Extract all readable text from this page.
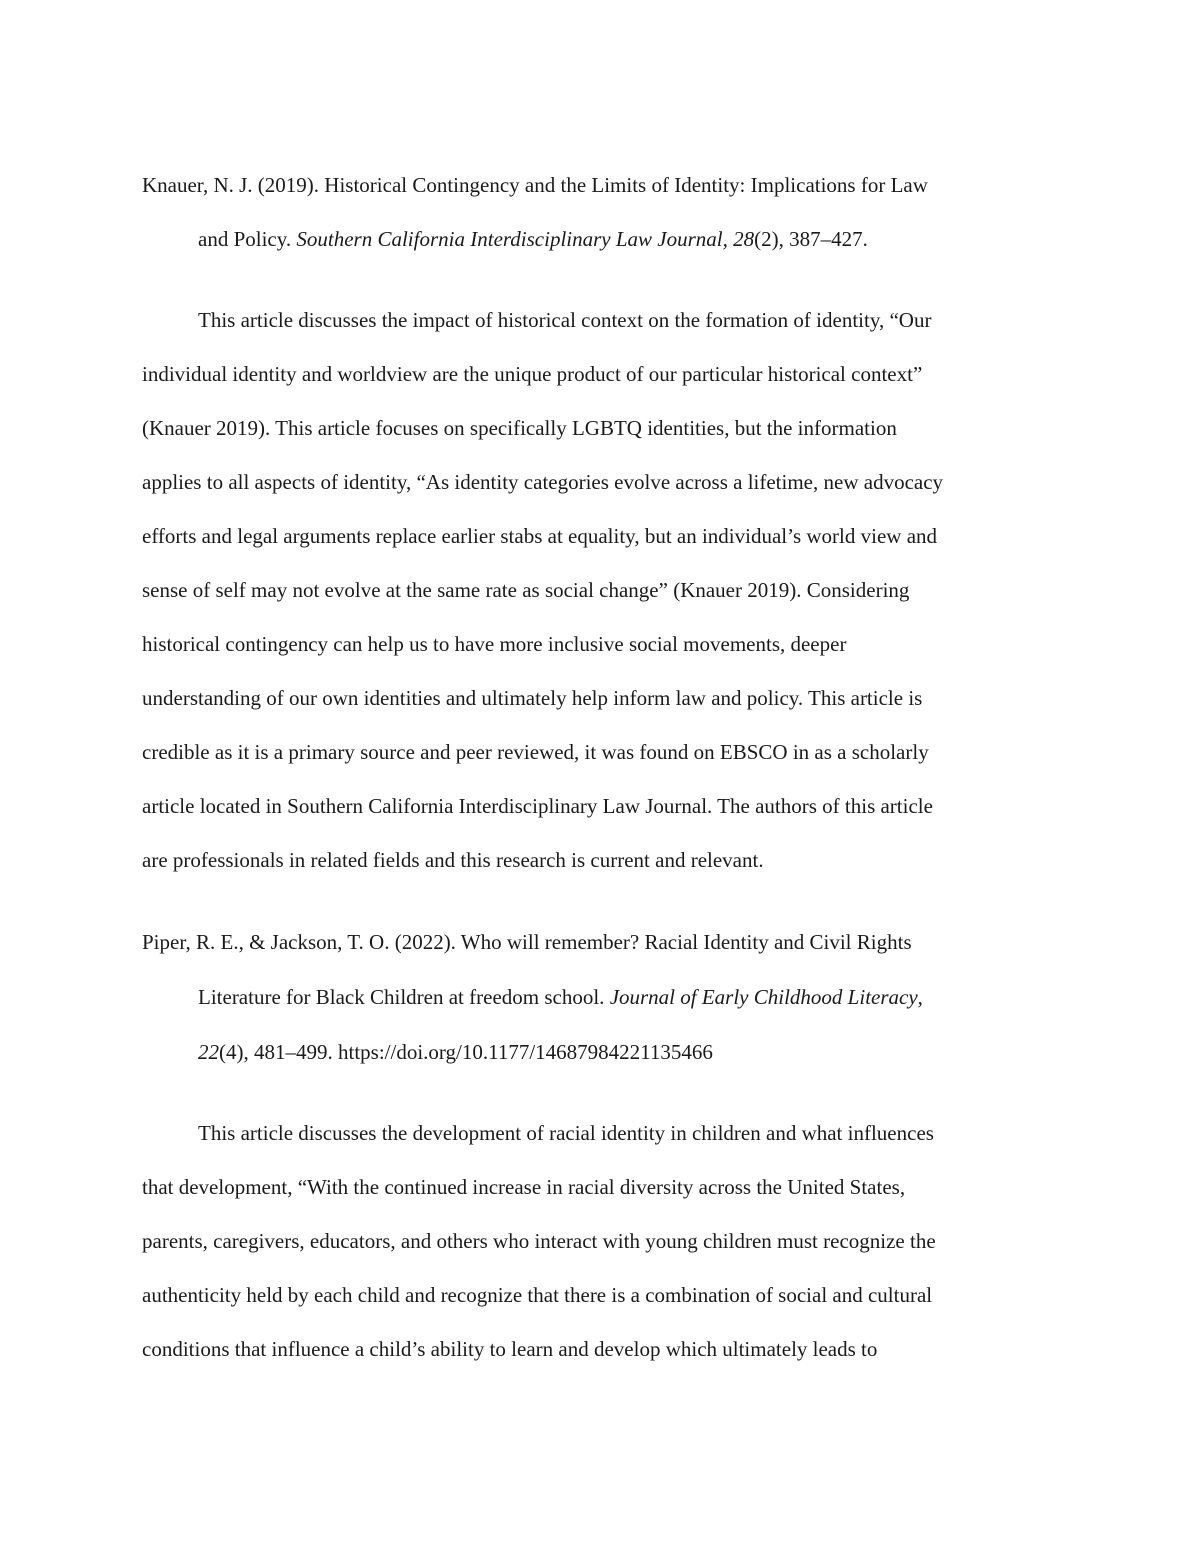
Knauer, N. J. (2019). Historical Contingency and the Limits of Identity: Implications for Law
and Policy. Southern California Interdisciplinary Law Journal, 28(2), 387–427.
This article discusses the impact of historical context on the formation of identity, “Our
individual identity and worldview are the unique product of our particular historical context”
(Knauer 2019). This article focuses on specifically LGBTQ identities, but the information
applies to all aspects of identity, “As identity categories evolve across a lifetime, new advocacy
efforts and legal arguments replace earlier stabs at equality, but an individual’s world view and
sense of self may not evolve at the same rate as social change” (Knauer 2019). Considering
historical contingency can help us to have more inclusive social movements, deeper
understanding of our own identities and ultimately help inform law and policy. This article is
credible as it is a primary source and peer reviewed, it was found on EBSCO in as a scholarly
article located in Southern California Interdisciplinary Law Journal. The authors of this article
are professionals in related fields and this research is current and relevant.
Piper, R. E., & Jackson, T. O. (2022). Who will remember? Racial Identity and Civil Rights
Literature for Black Children at freedom school. Journal of Early Childhood Literacy,
22(4), 481–499. https://doi.org/10.1177/14687984221135466
This article discusses the development of racial identity in children and what influences
that development, “With the continued increase in racial diversity across the United States,
parents, caregivers, educators, and others who interact with young children must recognize the
authenticity held by each child and recognize that there is a combination of social and cultural
conditions that influence a child’s ability to learn and develop which ultimately leads to
